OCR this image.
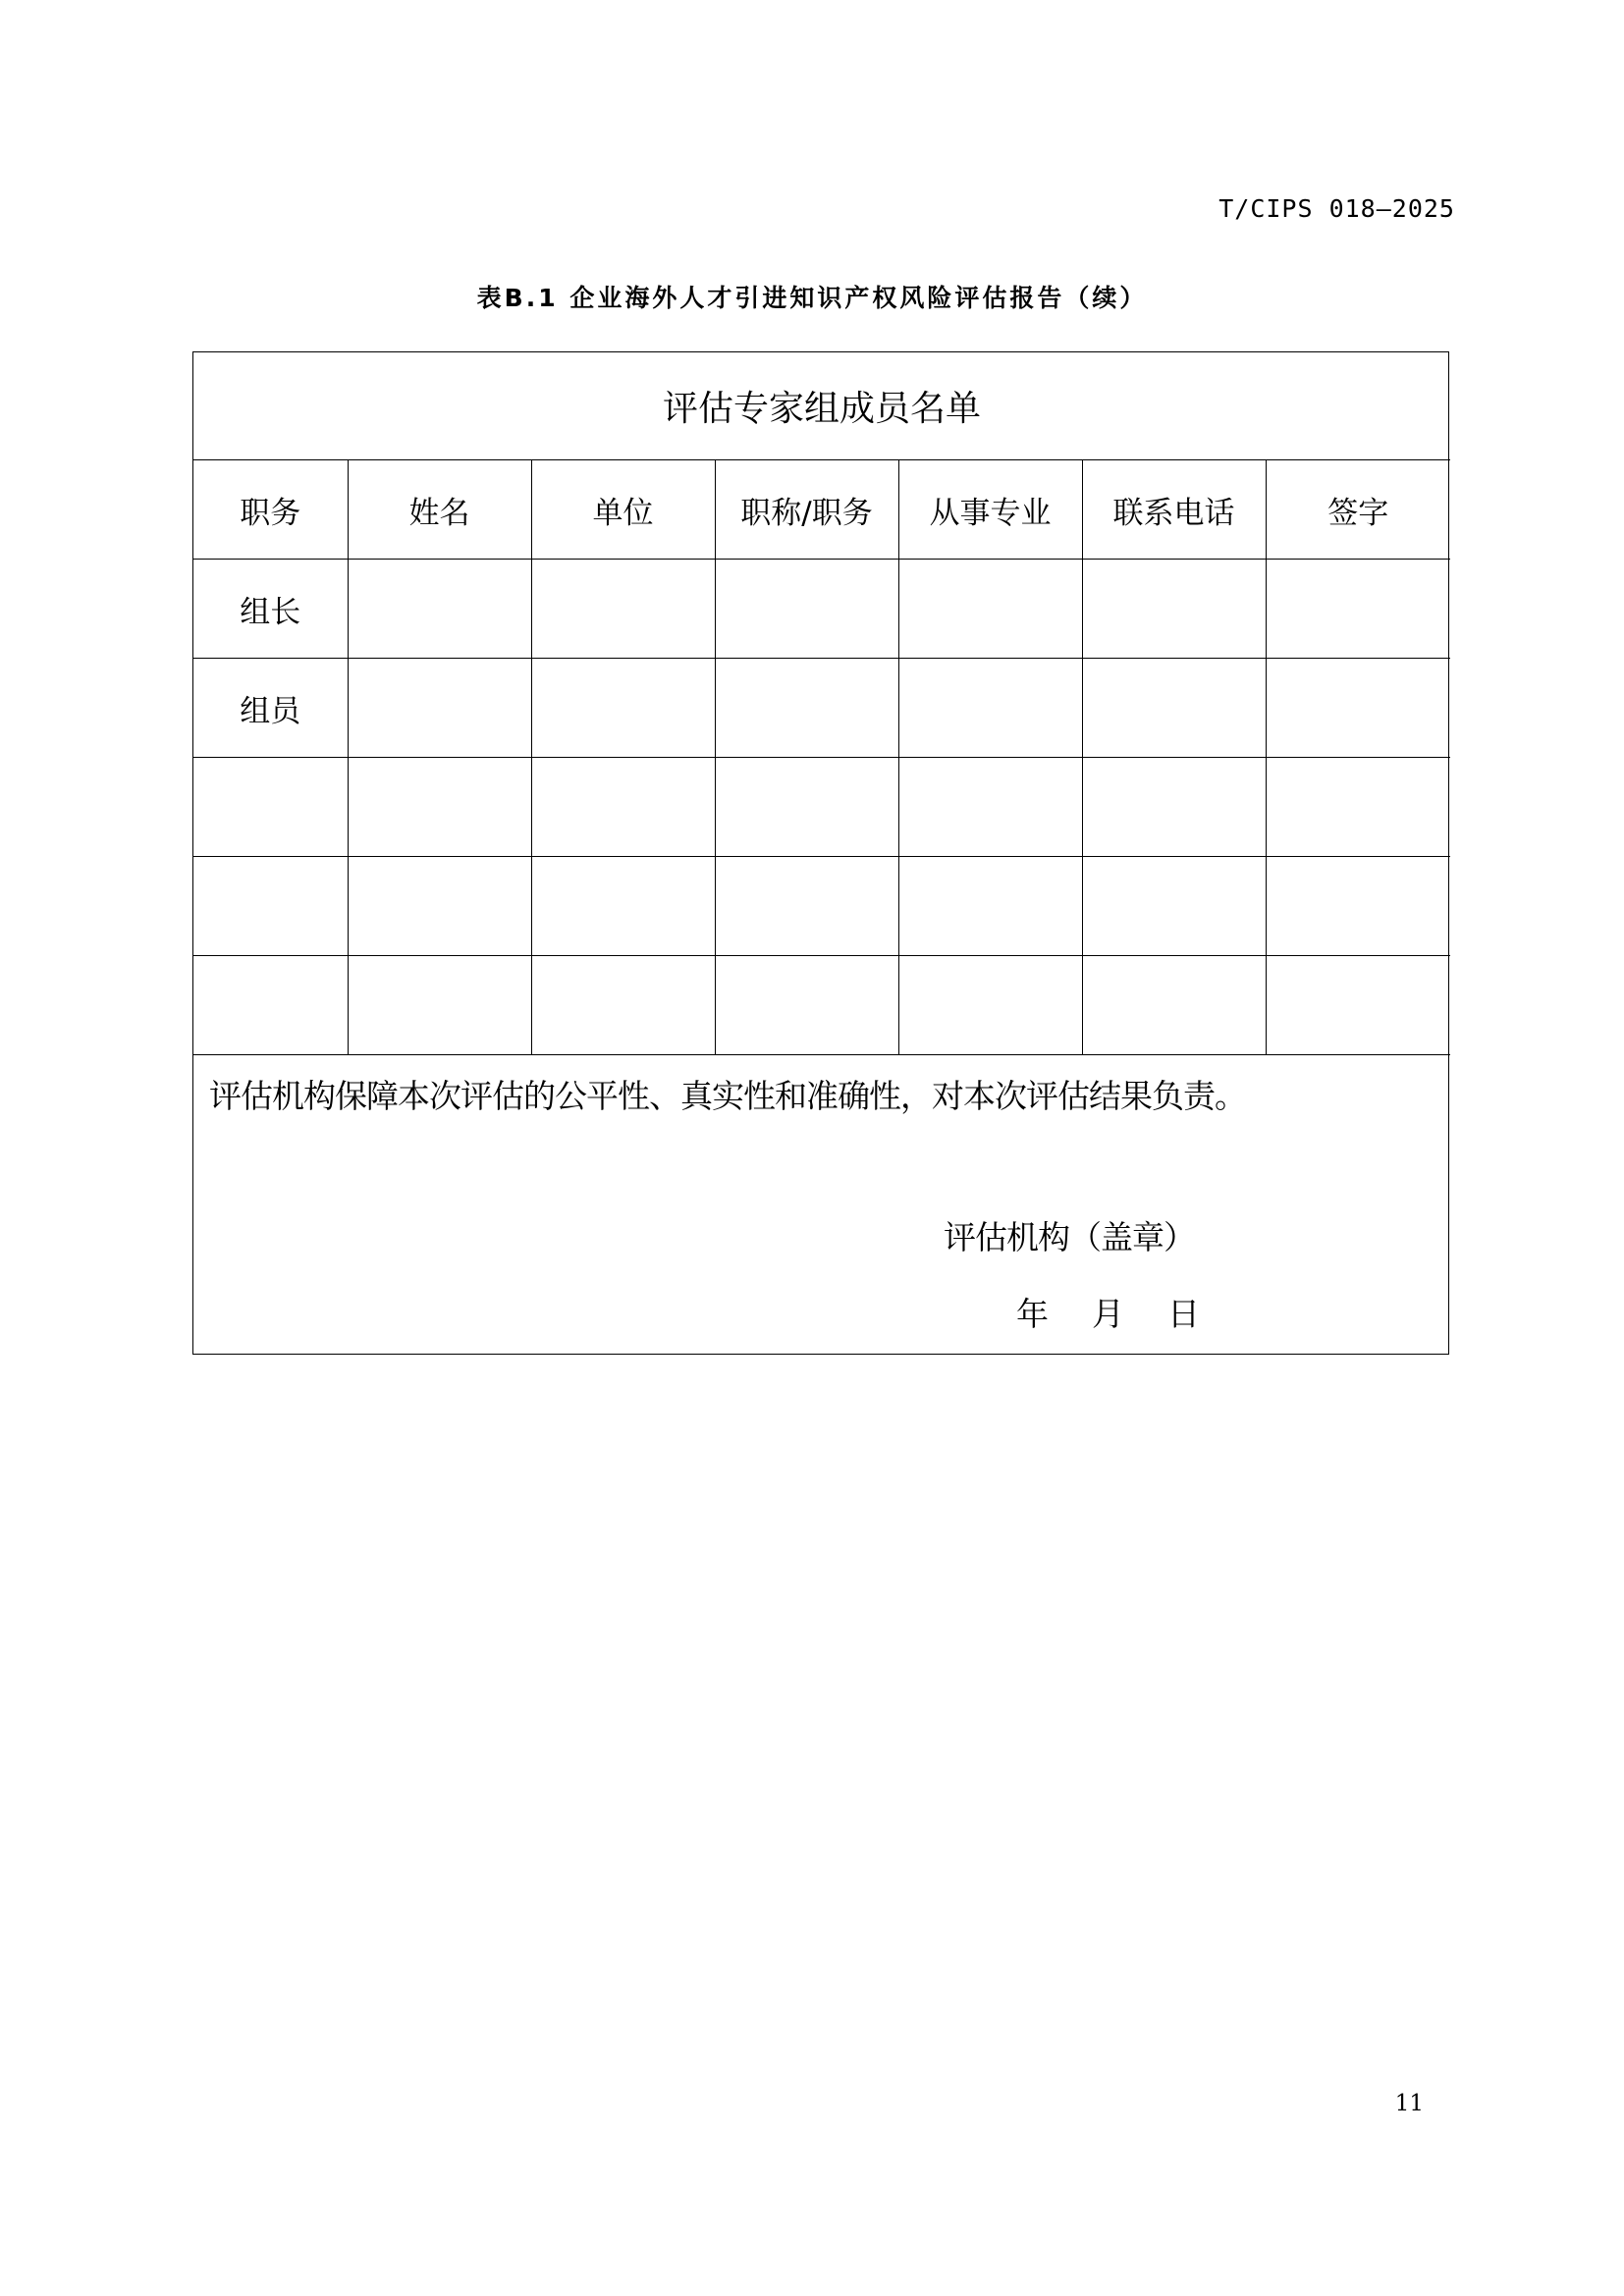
T/CIPS 018—2025
表B.1 企业海外人才引进知识产权风险评估报告（续）
评估专家组成员名单						
职务	姓名	单位	职称/职务	从事专业	联系电话	签字
组长						
组员						

评估机构保障本次评估的公平性、真实性和准确性，对本次评估结果负责。
评估机构（盖章）
年 月 日
11
